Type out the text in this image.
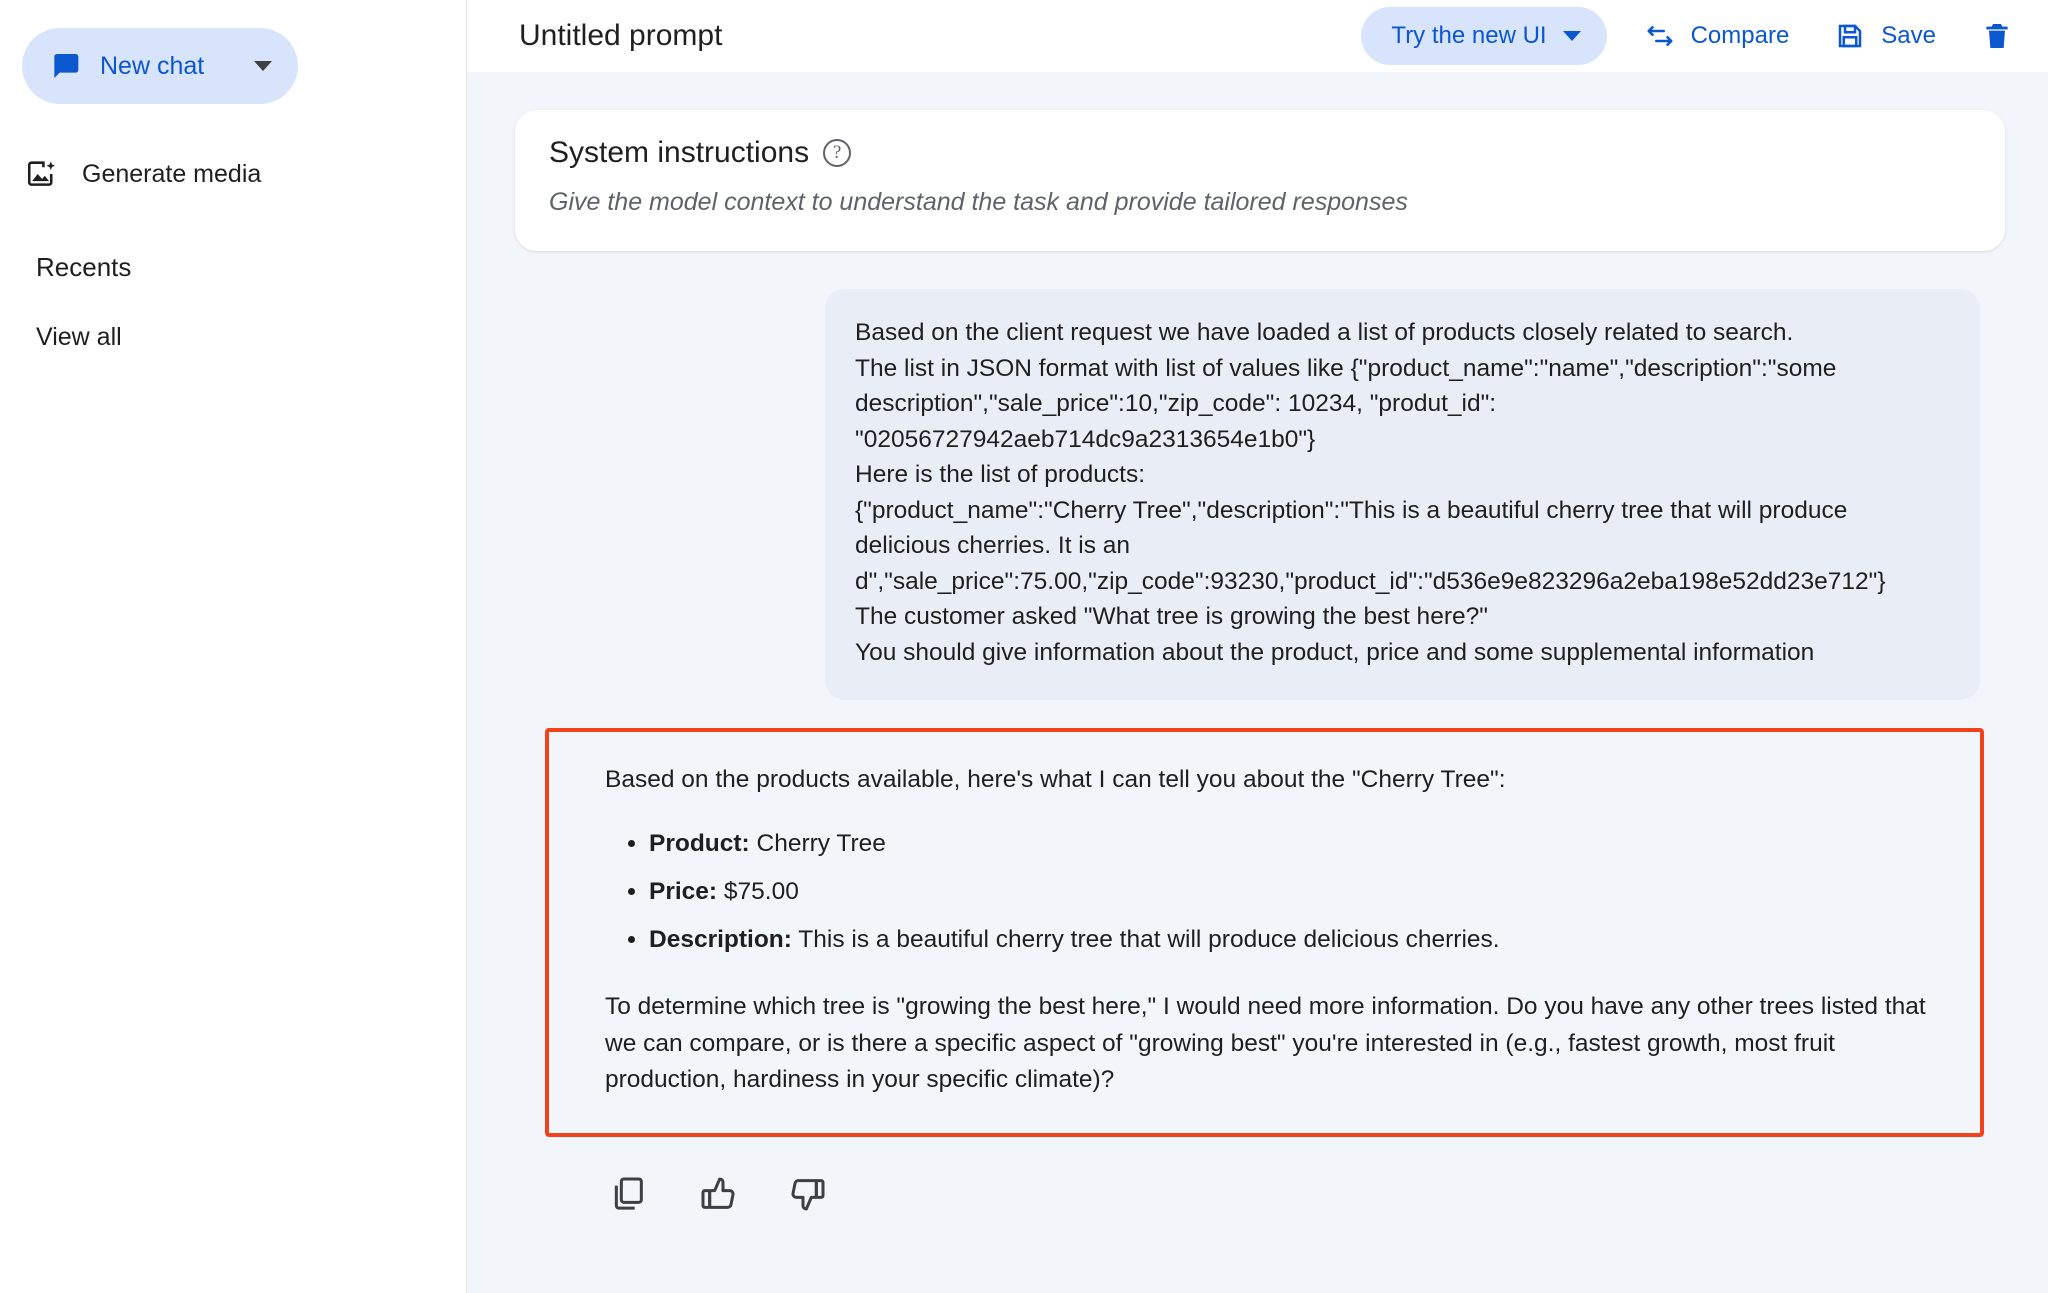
New chat
Generate media
Recents
View all
Untitled prompt	Try the new UI	Compare	Save
System instructions	?
Give the model context to understand the task and provide tailored responses
Based on the client request we have loaded a list of products closely related to search.
The list in JSON format with list of values like {"product_name":"name","description":"some description","sale_price":10,"zip_code": 10234, "produt_id": "02056727942aeb714dc9a2313654e1b0"}
Here is the list of products:
{"product_name":"Cherry Tree","description":"This is a beautiful cherry tree that will produce delicious cherries. It is an d","sale_price":75.00,"zip_code":93230,"product_id":"d536e9e823296a2eba198e52dd23e712"}
The customer asked "What tree is growing the best here?"
You should give information about the product, price and some supplemental information
Based on the products available, here's what I can tell you about the "Cherry Tree":
• Product: Cherry Tree
• Price: $75.00
• Description: This is a beautiful cherry tree that will produce delicious cherries.
To determine which tree is "growing the best here," I would need more information. Do you have any other trees listed that we can compare, or is there a specific aspect of "growing best" you're interested in (e.g., fastest growth, most fruit production, hardiness in your specific climate)?
